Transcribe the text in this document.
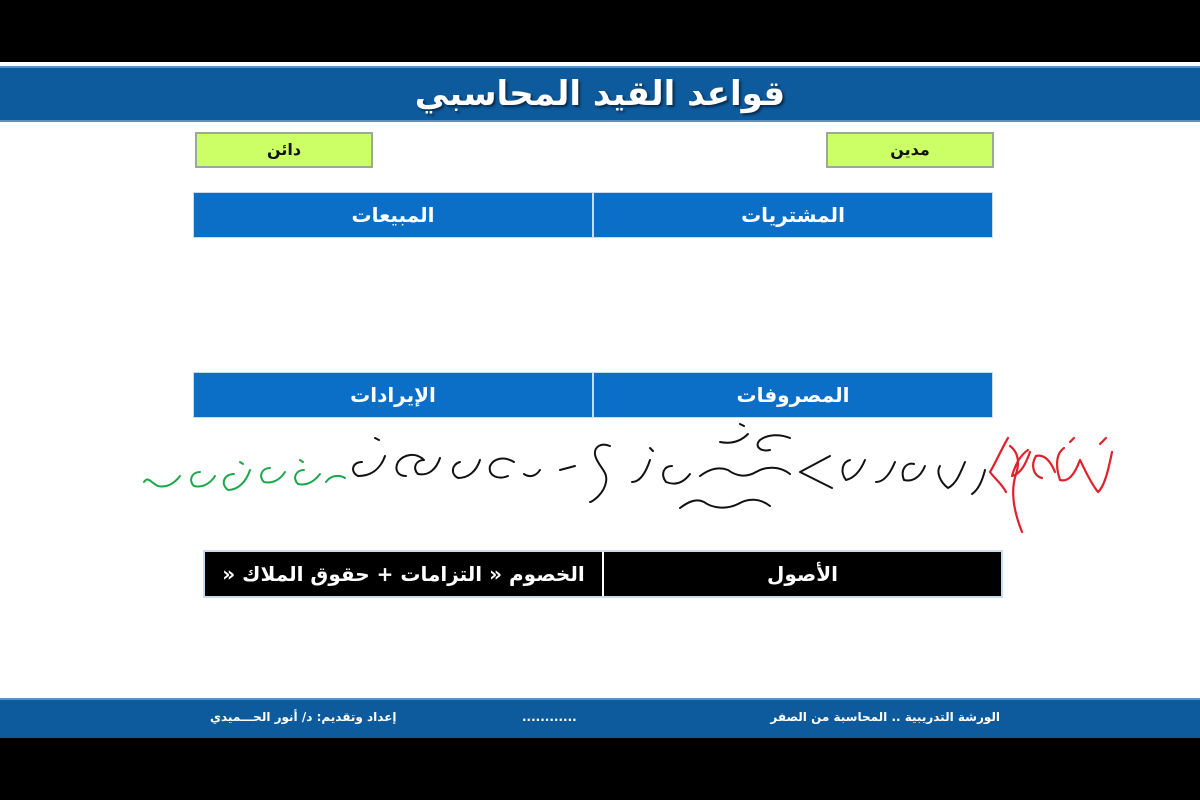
قواعد القيد المحاسبي
دائن	مدين
المشتريات
المبيعات
المصروفات
الإيرادات
الأصول
الخصوم « التزامات + حقوق الملاك «
الورشة التدريبية .. المحاسبة من الصفر
............
إعداد وتقديم: د/ أنور الحـــميدي
